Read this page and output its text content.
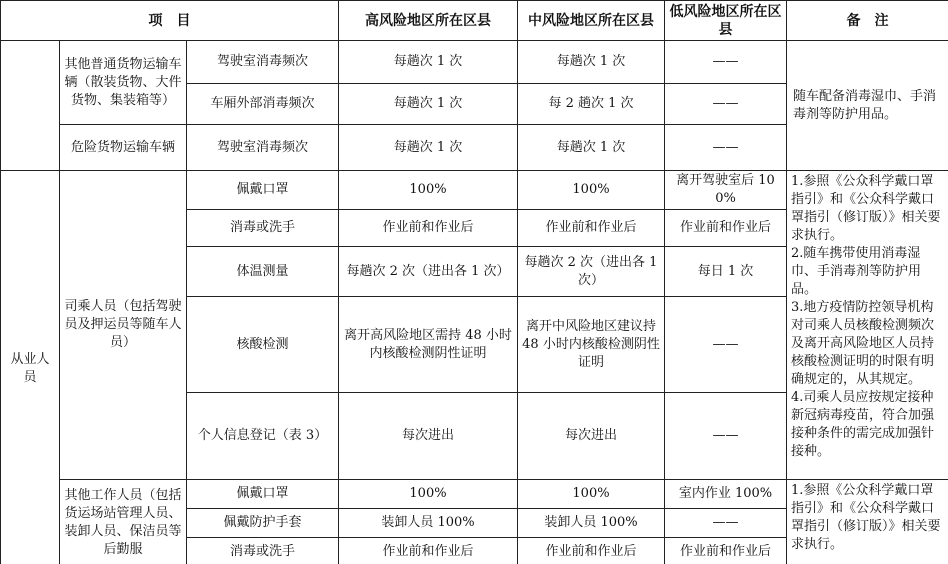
项　目			高风险地区所在区县	中风险地区所在区县	低风险地区所在区县	备　注
	其他普通货物运输车辆（散装货物、大件货物、集装箱等）	驾驶室消毒频次	每趟次 1 次	每趟次 1 次	——	随车配备消毒湿巾、手消毒剂等防护用品。
		车厢外部消毒频次	每趟次 1 次	每 2 趟次 1 次	——	
	危险货物运输车辆	驾驶室消毒频次	每趟次 1 次	每趟次 1 次	——	
从业人员	司乘人员（包括驾驶员及押运员等随车人员）	佩戴口罩	100%	100%	离开驾驶室后 100%	1.参照《公众科学戴口罩指引》和《公众科学戴口罩指引（修订版）》相关要求执行。

2.随车携带使用消毒湿巾、手消毒剂等防护用品。

3.地方疫情防控领导机构对司乘人员核酸检测频次及离开高风险地区人员持核酸检测证明的时限有明确规定的，从其规定。

4.司乘人员应按规定接种新冠病毒疫苗，符合加强接种条件的需完成加强针接种。

		消毒或洗手	作业前和作业后	作业前和作业后	作业前和作业后	
		体温测量	每趟次 2 次（进出各 1 次）	每趟次 2 次（进出各 1 次）	每日 1 次	
		核酸检测	离开高风险地区需持 48 小时内核酸检测阴性证明	离开中风险地区建议持 48 小时内核酸检测阴性证明	——	
		个人信息登记（表 3）	每次进出	每次进出	——	
	其他工作人员（包括货运场站管理人员、装卸人员、保洁员等后勤服	佩戴口罩	100%	100%	室内作业 100%	1.参照《公众科学戴口罩指引》和《公众科学戴口罩指引（修订版）》相关要求执行。

		佩戴防护手套	装卸人员 100%	装卸人员 100%	——	
		消毒或洗手	作业前和作业后	作业前和作业后	作业前和作业后	
